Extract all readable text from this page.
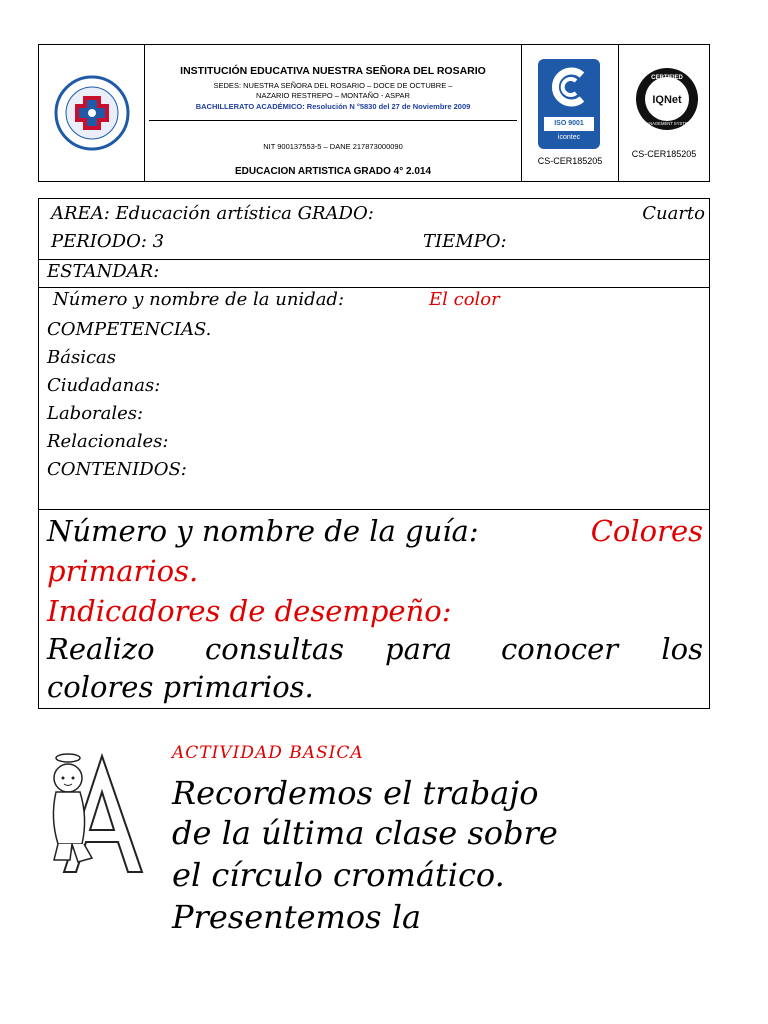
INSTITUCIÓN EDUCATIVA NUESTRA SEÑORA DEL ROSARIO
SEDES: NUESTRA SEÑORA DEL ROSARIO – DOCE DE OCTUBRE –
NAZARIO RESTREPO – MONTAÑO - ASPAR
BACHILLERATO ACADÉMICO: Resolución N °5830 del 27 de Noviembre 2009
NIT 900137553-5 – DANE 217873000090
EDUCACION ARTISTICA GRADO 4° 2.014
ISO 9001
icontec
CS-CER185205
CERTIFIED
IQNet
MANAGEMENT SYSTEM
CS-CER185205
AREA: Educación artística GRADO:	Cuarto
PERIODO: 3	TIEMPO:
ESTANDAR:
Número y nombre de la unidad:	El color
COMPETENCIAS.
Básicas
Ciudadanas:
Laborales:
Relacionales:
CONTENIDOS:
Número y nombre de la guía:	Colores
primarios.
Indicadores de desempeño:
Realizo consultas para conocer los
colores primarios.
ACTIVIDAD BASICA
Recordemos el trabajo
de la última clase sobre
el círculo cromático.
Presentemos la
